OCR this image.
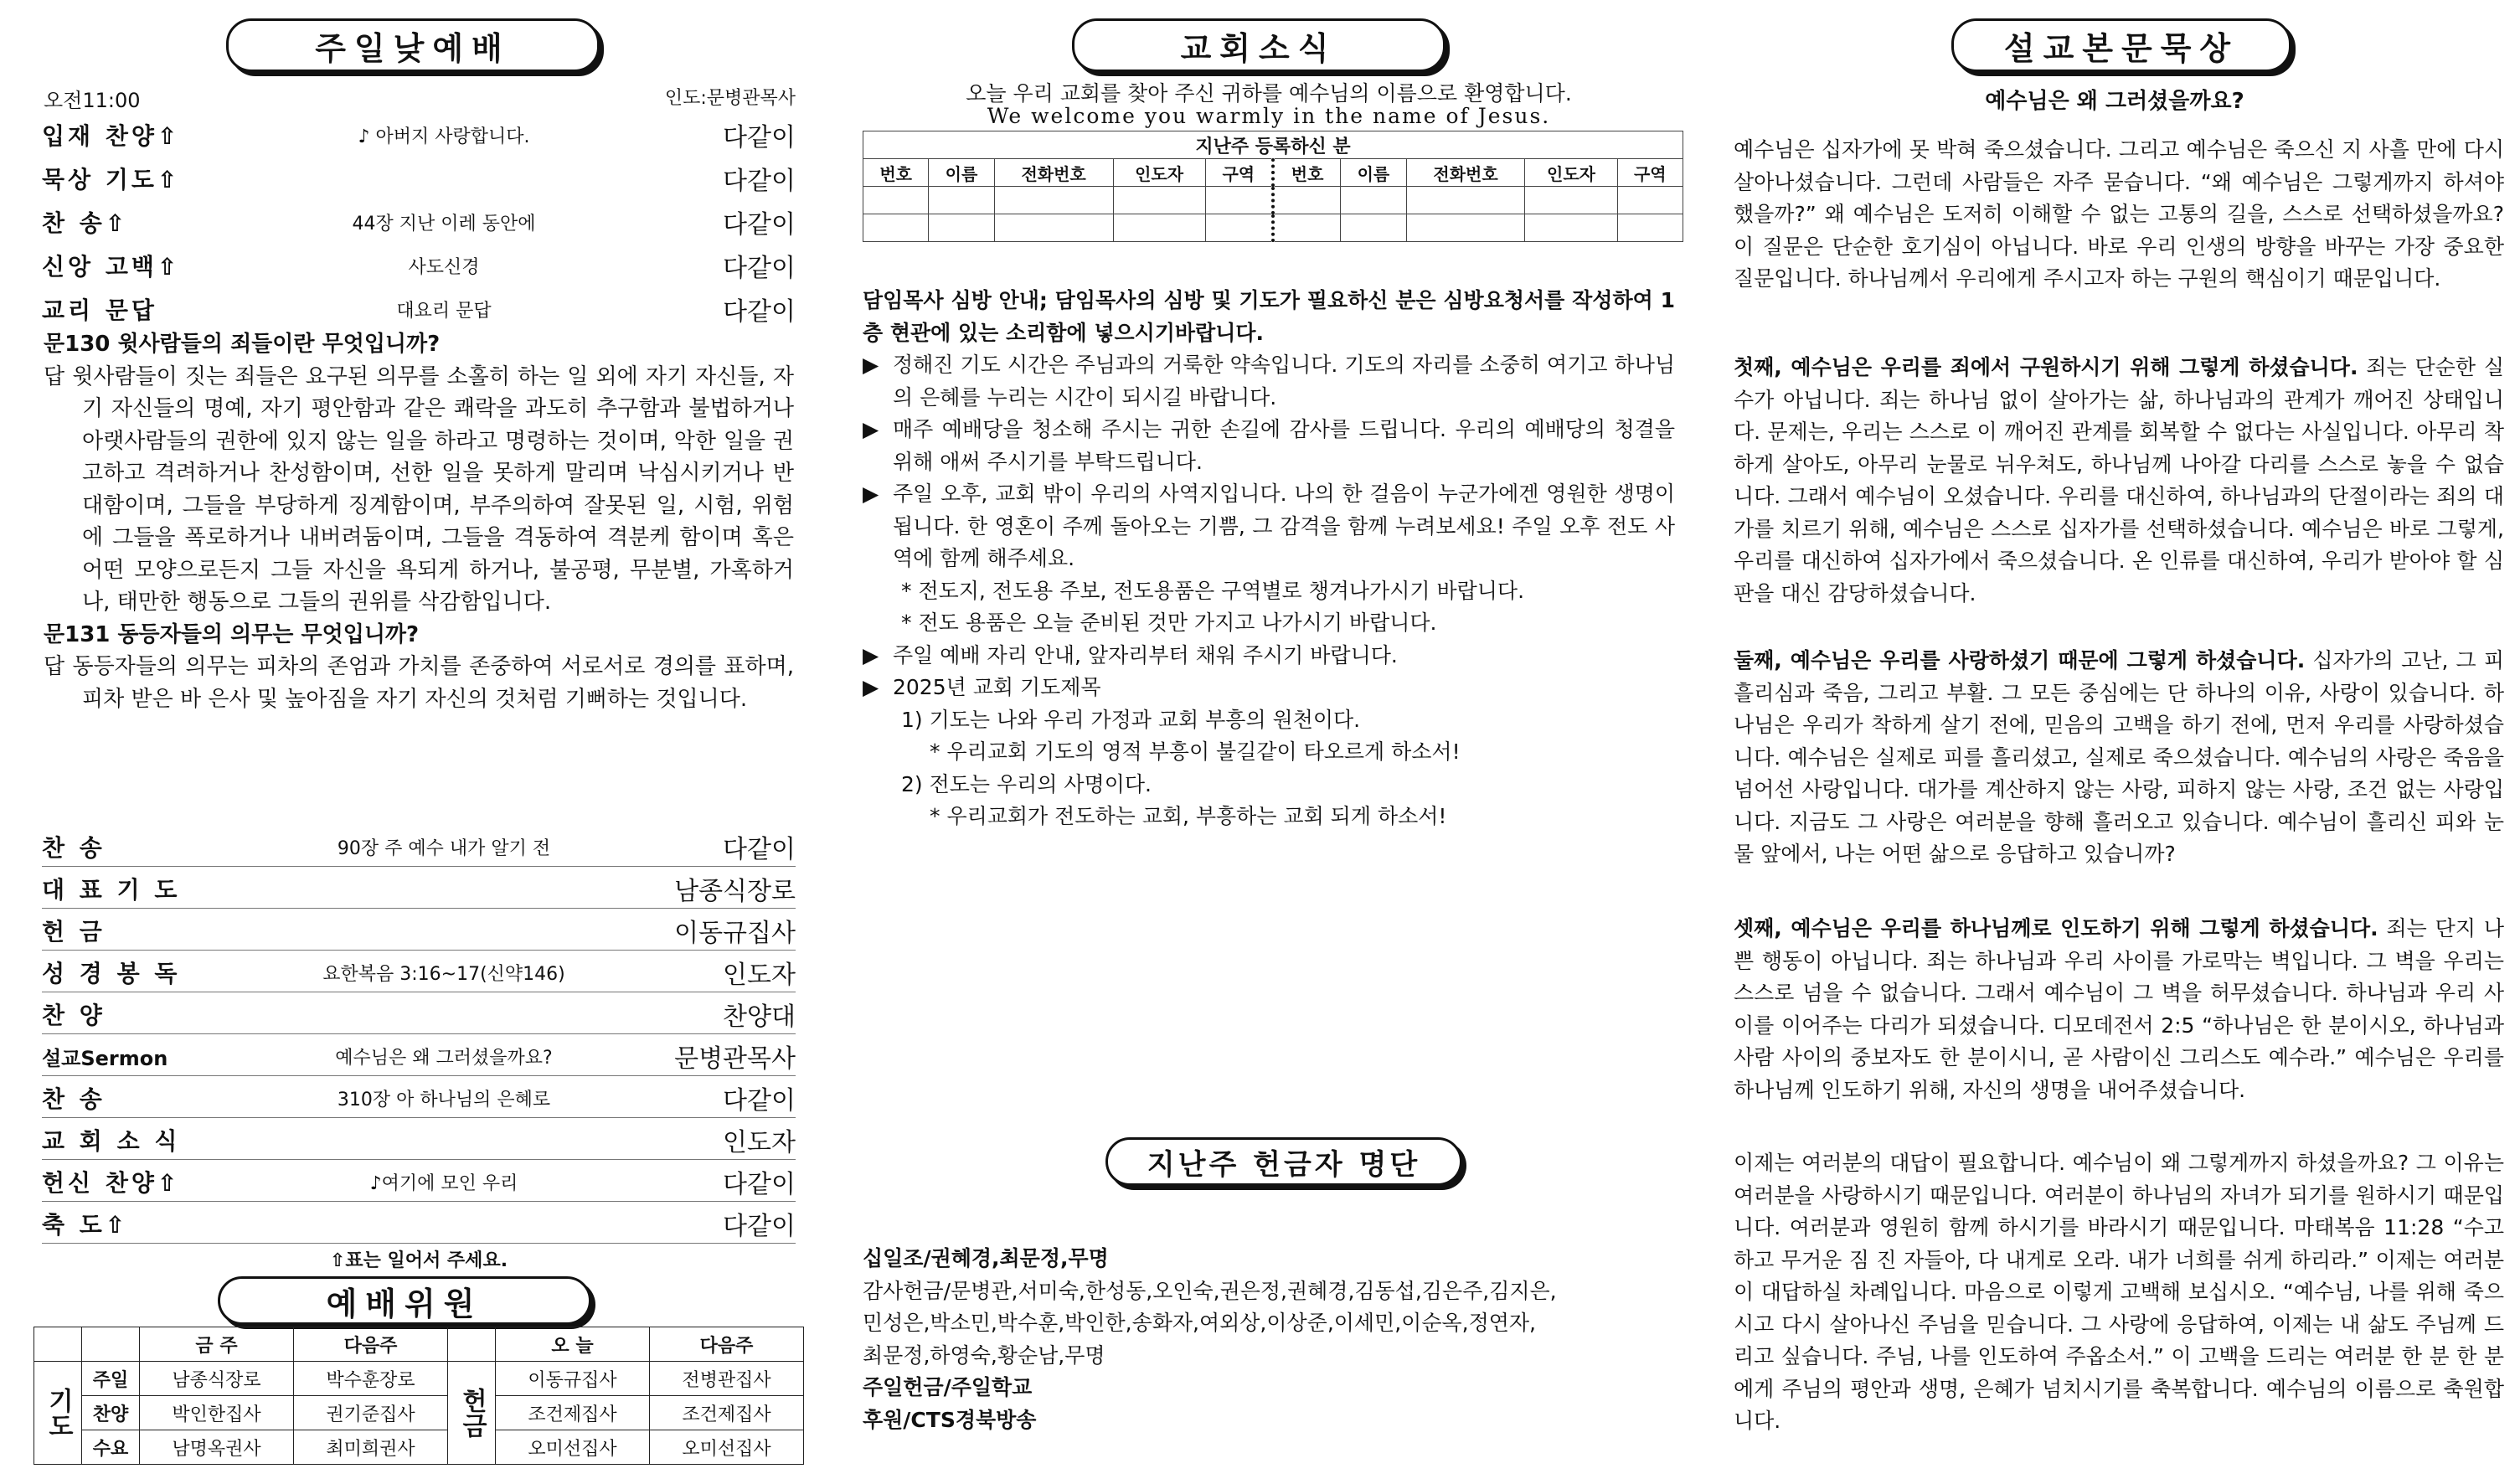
주일낮예배
오전11:00	인도:문병관목사
입재 찬양⇧	♪ 아버지 사랑합니다.	다같이
묵상 기도⇧	다같이
찬 송⇧	44장 지난 이레 동안에	다같이
신앙 고백⇧	사도신경	다같이
교리 문답	대요리 문답	다같이
문130 윗사람들의 죄들이란 무엇입니까?
답 윗사람들이 짓는 죄들은 요구된 의무를 소홀히 하는 일 외에 자기 자신들, 자기 자신들의 명예, 자기 평안함과 같은 쾌락을 과도히 추구함과 불법하거나 아랫사람들의 권한에 있지 않는 일을 하라고 명령하는 것이며, 악한 일을 권고하고 격려하거나 찬성함이며, 선한 일을 못하게 말리며 낙심시키거나 반대함이며, 그들을 부당하게 징계함이며, 부주의하여 잘못된 일, 시험, 위험에 그들을 폭로하거나 내버려둠이며, 그들을 격동하여 격분케 함이며 혹은 어떤 모양으로든지 그들 자신을 욕되게 하거나, 불공평, 무분별, 가혹하거나, 태만한 행동으로 그들의 권위를 삭감함입니다.
문131 동등자들의 의무는 무엇입니까?
답 동등자들의 의무는 피차의 존엄과 가치를 존중하여 서로서로 경의를 표하며, 피차 받은 바 은사 및 높아짐을 자기 자신의 것처럼 기뻐하는 것입니다.
찬 송	90장 주 예수 내가 알기 전	다같이
대 표 기 도	남종식장로
헌 금	이동규집사
성 경 봉 독	요한복음 3:16~17(신약146)	인도자
찬 양	찬양대
설교Sermon	예수님은 왜 그러셨을까요?	문병관목사
찬 송	310장 아 하나님의 은혜로	다같이
교 회 소 식	인도자
헌신 찬양⇧	♪여기에 모인 우리	다같이
축 도⇧	다같이
⇧표는 일어서 주세요.
예배위원
		금 주	다음주		오 늘	다음주
기도	주일	남종식장로	박수훈장로	헌금	이동규집사	전병관집사
	찬양	박인한집사	권기준집사		조건제집사	조건제집사
	수요	남명옥권사	최미희권사		오미선집사	오미선집사
교회소식
오늘 우리 교회를 찾아 주신 귀하를 예수님의 이름으로 환영합니다.
We welcome you warmly in the name of Jesus.
지난주 등록하신 분									
번호	이름	전화번호	인도자	구역	번호	이름	전화번호	인도자	구역

담임목사 심방 안내; 담임목사의 심방 및 기도가 필요하신 분은 심방요청서를 작성하여 1층 현관에 있는 소리함에 넣으시기바랍니다.
▶ 정해진 기도 시간은 주님과의 거룩한 약속입니다. 기도의 자리를 소중히 여기고 하나님의 은혜를 누리는 시간이 되시길 바랍니다.
▶ 매주 예배당을 청소해 주시는 귀한 손길에 감사를 드립니다. 우리의 예배당의 청결을 위해 애써 주시기를 부탁드립니다.
▶ 주일 오후, 교회 밖이 우리의 사역지입니다. 나의 한 걸음이 누군가에겐 영원한 생명이 됩니다. 한 영혼이 주께 돌아오는 기쁨, 그 감격을 함께 누려보세요! 주일 오후 전도 사역에 함께 해주세요.
* 전도지, 전도용 주보, 전도용품은 구역별로 챙겨나가시기 바랍니다.
* 전도 용품은 오늘 준비된 것만 가지고 나가시기 바랍니다.
▶ 주일 예배 자리 안내, 앞자리부터 채워 주시기 바랍니다.
▶ 2025년 교회 기도제목
1) 기도는 나와 우리 가정과 교회 부흥의 원천이다.
* 우리교회 기도의 영적 부흥이 불길같이 타오르게 하소서!
2) 전도는 우리의 사명이다.
* 우리교회가 전도하는 교회, 부흥하는 교회 되게 하소서!
지난주 헌금자 명단
십일조/권혜경,최문정,무명
감사헌금/문병관,서미숙,한성동,오인숙,권은정,권혜경,김동섭,김은주,김지은,
민성은,박소민,박수훈,박인한,송화자,여외상,이상준,이세민,이순옥,정연자,
최문정,하영숙,황순남,무명
주일헌금/주일학교
후원/CTS경북방송
설교본문묵상
예수님은 왜 그러셨을까요?
예수님은 십자가에 못 박혀 죽으셨습니다. 그리고 예수님은 죽으신 지 사흘 만에 다시 살아나셨습니다. 그런데 사람들은 자주 묻습니다. “왜 예수님은 그렇게까지 하셔야 했을까?” 왜 예수님은 도저히 이해할 수 없는 고통의 길을, 스스로 선택하셨을까요? 이 질문은 단순한 호기심이 아닙니다. 바로 우리 인생의 방향을 바꾸는 가장 중요한 질문입니다. 하나님께서 우리에게 주시고자 하는 구원의 핵심이기 때문입니다.
첫째, 예수님은 우리를 죄에서 구원하시기 위해 그렇게 하셨습니다. 죄는 단순한 실수가 아닙니다. 죄는 하나님 없이 살아가는 삶, 하나님과의 관계가 깨어진 상태입니다. 문제는, 우리는 스스로 이 깨어진 관계를 회복할 수 없다는 사실입니다. 아무리 착하게 살아도, 아무리 눈물로 뉘우쳐도, 하나님께 나아갈 다리를 스스로 놓을 수 없습니다. 그래서 예수님이 오셨습니다. 우리를 대신하여, 하나님과의 단절이라는 죄의 대가를 치르기 위해, 예수님은 스스로 십자가를 선택하셨습니다. 예수님은 바로 그렇게, 우리를 대신하여 십자가에서 죽으셨습니다. 온 인류를 대신하여, 우리가 받아야 할 심판을 대신 감당하셨습니다.
둘째, 예수님은 우리를 사랑하셨기 때문에 그렇게 하셨습니다. 십자가의 고난, 그 피 흘리심과 죽음, 그리고 부활. 그 모든 중심에는 단 하나의 이유, 사랑이 있습니다. 하나님은 우리가 착하게 살기 전에, 믿음의 고백을 하기 전에, 먼저 우리를 사랑하셨습니다. 예수님은 실제로 피를 흘리셨고, 실제로 죽으셨습니다. 예수님의 사랑은 죽음을 넘어선 사랑입니다. 대가를 계산하지 않는 사랑, 피하지 않는 사랑, 조건 없는 사랑입니다. 지금도 그 사랑은 여러분을 향해 흘러오고 있습니다. 예수님이 흘리신 피와 눈물 앞에서, 나는 어떤 삶으로 응답하고 있습니까?
셋째, 예수님은 우리를 하나님께로 인도하기 위해 그렇게 하셨습니다. 죄는 단지 나쁜 행동이 아닙니다. 죄는 하나님과 우리 사이를 가로막는 벽입니다. 그 벽을 우리는 스스로 넘을 수 없습니다. 그래서 예수님이 그 벽을 허무셨습니다. 하나님과 우리 사이를 이어주는 다리가 되셨습니다. 디모데전서 2:5 “하나님은 한 분이시오, 하나님과 사람 사이의 중보자도 한 분이시니, 곧 사람이신 그리스도 예수라.” 예수님은 우리를 하나님께 인도하기 위해, 자신의 생명을 내어주셨습니다.
이제는 여러분의 대답이 필요합니다. 예수님이 왜 그렇게까지 하셨을까요? 그 이유는 여러분을 사랑하시기 때문입니다. 여러분이 하나님의 자녀가 되기를 원하시기 때문입니다. 여러분과 영원히 함께 하시기를 바라시기 때문입니다. 마태복음 11:28 “수고하고 무거운 짐 진 자들아, 다 내게로 오라. 내가 너희를 쉬게 하리라.” 이제는 여러분이 대답하실 차례입니다. 마음으로 이렇게 고백해 보십시오. “예수님, 나를 위해 죽으시고 다시 살아나신 주님을 믿습니다. 그 사랑에 응답하여, 이제는 내 삶도 주님께 드리고 싶습니다. 주님, 나를 인도하여 주옵소서.” 이 고백을 드리는 여러분 한 분 한 분에게 주님의 평안과 생명, 은혜가 넘치시기를 축복합니다. 예수님의 이름으로 축원합니다.
